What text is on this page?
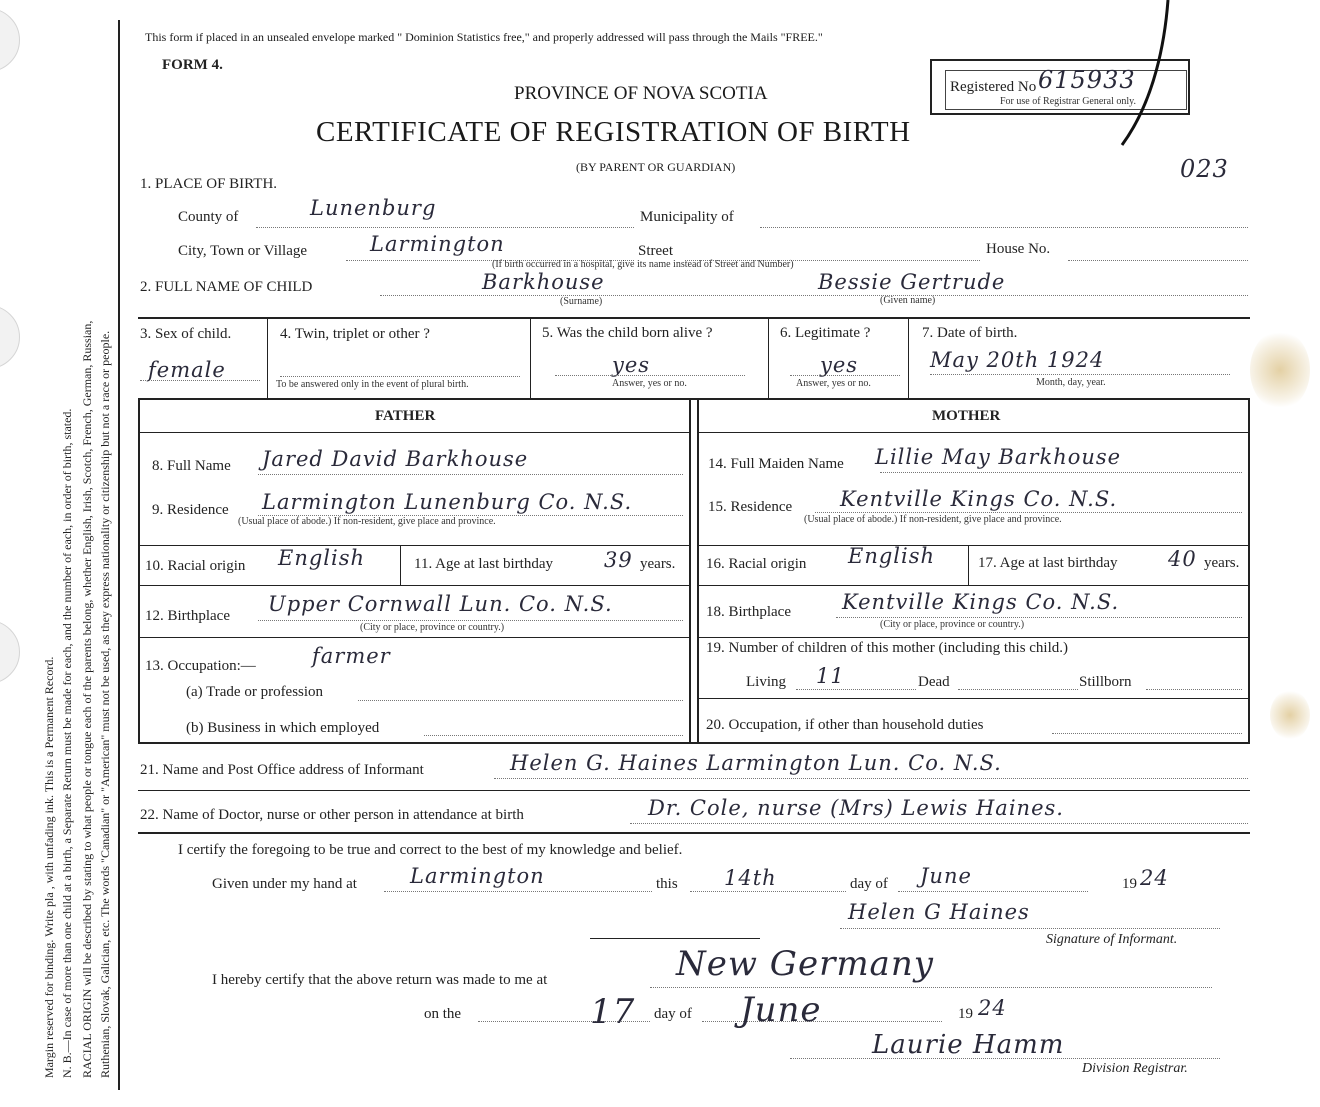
Margin reserved for binding. Write pla , with unfading ink. This is a Permanent Record. N. B.—In case of more than one child at a birth, a Separate Return must be made for each, and the number of each, in order of birth, stated. RACIAL ORIGIN will be described by stating to what people or tongue each of the parents belong, whether English, Irish, Scotch, French, German, Russian, Ruthenian, Slovak, Galician, etc. The words "Canadian" or "American" must not be used, as they express nationality or citizenship but not a race or people.
This form if placed in an unsealed envelope marked " Dominion Statistics free," and properly addressed will pass through the Mails "FREE."
FORM 4.
PROVINCE OF NOVA SCOTIA
CERTIFICATE OF REGISTRATION OF BIRTH
(BY PARENT OR GUARDIAN)
Registered No 615933
For use of Registrar General only.
023
1. PLACE OF BIRTH.
County of	Lunenburg	Municipality of
City, Town or Village	Larmington	Street	House No.
(If birth occurred in a hospital, give its name instead of Street and Number)
2. FULL NAME OF CHILD	Barkhouse
(Surname)
Bessie Gertrude
(Given name)
3. Sex of child.
female
4. Twin, triplet or other ?
To be answered only in the event of plural birth.
5. Was the child born alive ?
yes
Answer, yes or no.
6. Legitimate ?
yes
Answer, yes or no.
7. Date of birth.
May 20th 1924
Month, day, year.
FATHER
8. Full Name Jared David Barkhouse
9. Residence Larmington Lunenburg Co. N.S.
(Usual place of abode.) If non-resident, give place and province.
10. Racial origin English	11. Age at last birthday 39 years.
12. Birthplace Upper Cornwall Lun. Co. N.S.
(City or place, province or country.)
13. Occupation:—	farmer
(a) Trade or profession
(b) Business in which employed
MOTHER
14. Full Maiden Name Lillie May Barkhouse
15. Residence Kentville Kings Co. N.S.
(Usual place of abode.) If non-resident, give place and province.
16. Racial origin English	17. Age at last birthday 40 years.
18. Birthplace Kentville Kings Co. N.S.
(City or place, province or country.)
19. Number of children of this mother (including this child.)
Living 11	Dead	Stillborn
20. Occupation, if other than household duties
21. Name and Post Office address of Informant	Helen G. Haines Larmington Lun. Co. N.S.
22. Name of Doctor, nurse or other person in attendance at birth	Dr. Cole, nurse (Mrs) Lewis Haines.
I certify the foregoing to be true and correct to the best of my knowledge and belief.
Given under my hand at	Larmington	this 14th	day of June	19 24
Helen G Haines
Signature of Informant.
I hereby certify that the above return was made to me at	New Germany
on the	17 day of June	19 24
Laurie Hamm
Division Registrar.
